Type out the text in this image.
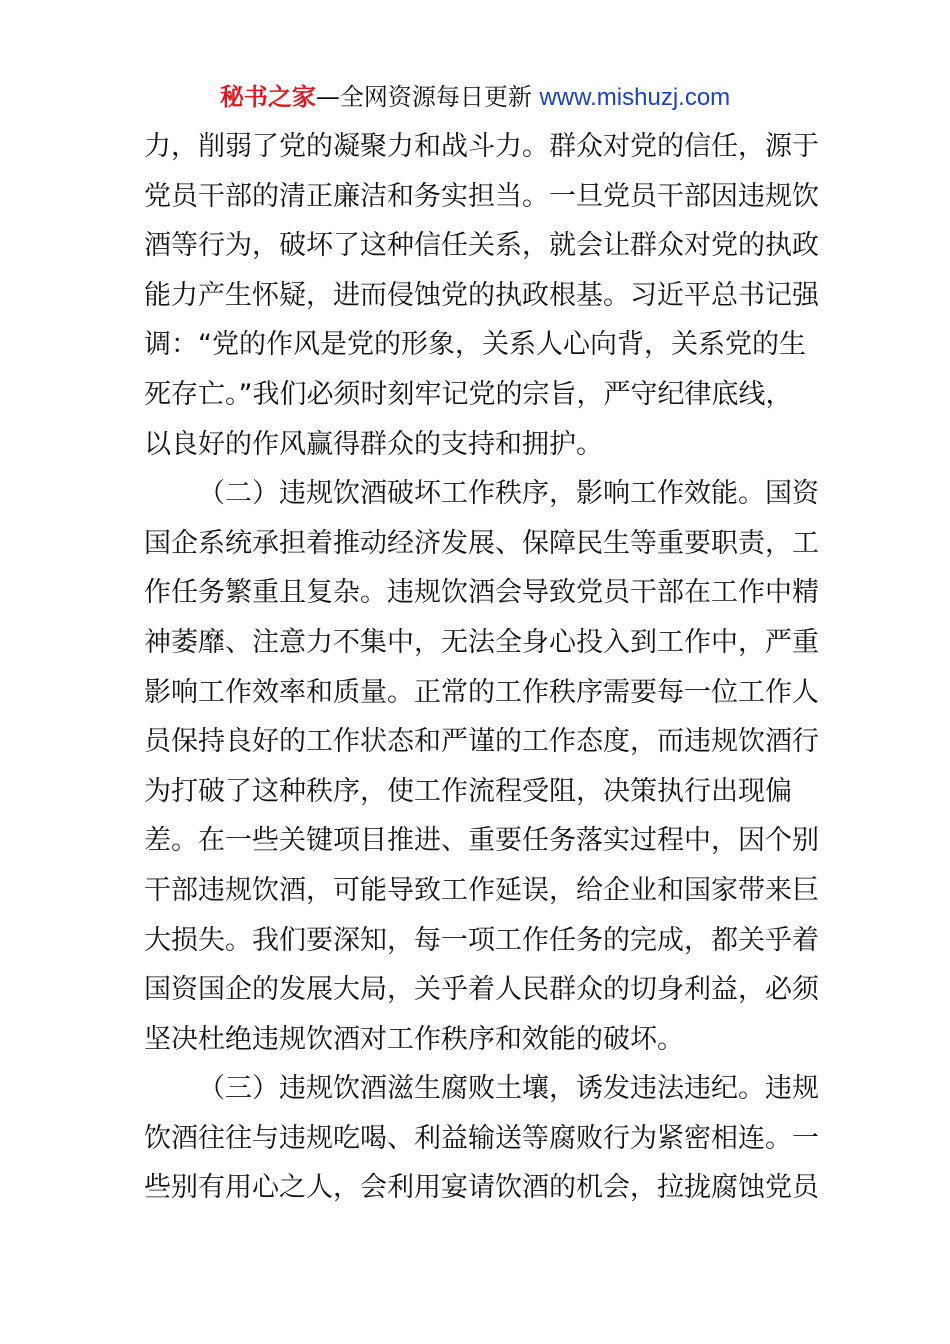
秘书之家—全网资源每日更新 www.mishuzj.com

力，削弱了党的凝聚力和战斗力。群众对党的信任，源于
党员干部的清正廉洁和务实担当。一旦党员干部因违规饮
酒等行为，破坏了这种信任关系，就会让群众对党的执政
能力产生怀疑，进而侵蚀党的执政根基。习近平总书记强
调：“党的作风是党的形象，关系人心向背，关系党的生
死存亡。”我们必须时刻牢记党的宗旨，严守纪律底线，
以良好的作风赢得群众的支持和拥护。

（二）违规饮酒破坏工作秩序，影响工作效能。国资
国企系统承担着推动经济发展、保障民生等重要职责，工
作任务繁重且复杂。违规饮酒会导致党员干部在工作中精
神萎靡、注意力不集中，无法全身心投入到工作中，严重
影响工作效率和质量。正常的工作秩序需要每一位工作人
员保持良好的工作状态和严谨的工作态度，而违规饮酒行
为打破了这种秩序，使工作流程受阻，决策执行出现偏
差。在一些关键项目推进、重要任务落实过程中，因个别
干部违规饮酒，可能导致工作延误，给企业和国家带来巨
大损失。我们要深知，每一项工作任务的完成，都关乎着
国资国企的发展大局，关乎着人民群众的切身利益，必须
坚决杜绝违规饮酒对工作秩序和效能的破坏。

（三）违规饮酒滋生腐败土壤，诱发违法违纪。违规
饮酒往往与违规吃喝、利益输送等腐败行为紧密相连。一
些别有用心之人，会利用宴请饮酒的机会，拉拢腐蚀党员
